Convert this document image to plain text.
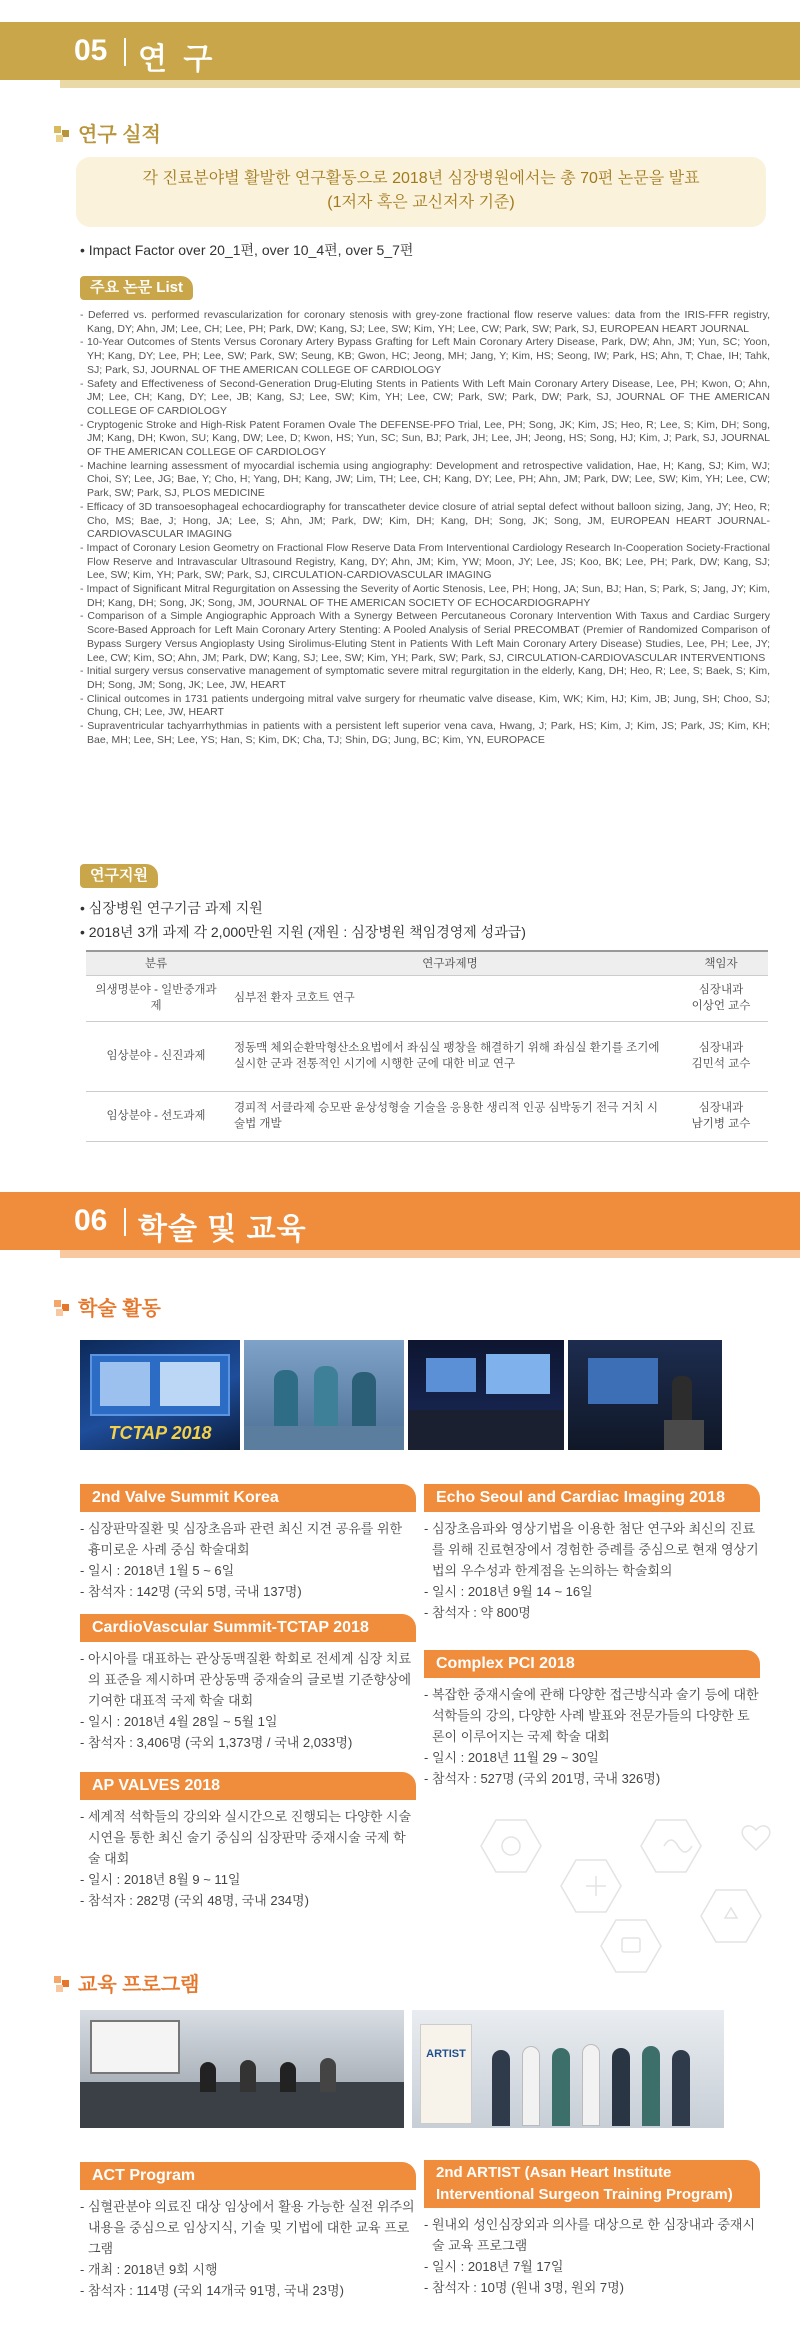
05 연 구
연구 실적
각 진료분야별 활발한 연구활동으로 2018년 심장병원에서는 총 70편 논문을 발표
(1저자 혹은 교신저자 기준)
• Impact Factor over 20_1편, over 10_4편, over 5_7편
주요 논문 List

- Deferred vs. performed revascularization for coronary stenosis with grey-zone fractional flow reserve values: data from the IRIS-FFR registry, Kang, DY; Ahn, JM; Lee, CH; Lee, PH; Park, DW; Kang, SJ; Lee, SW; Kim, YH; Lee, CW; Park, SW; Park, SJ, EUROPEAN HEART JOURNAL

- 10-Year Outcomes of Stents Versus Coronary Artery Bypass Grafting for Left Main Coronary Artery Disease, Park, DW; Ahn, JM; Yun, SC; Yoon, YH; Kang, DY; Lee, PH; Lee, SW; Park, SW; Seung, KB; Gwon, HC; Jeong, MH; Jang, Y; Kim, HS; Seong, IW; Park, HS; Ahn, T; Chae, IH; Tahk, SJ; Park, SJ, JOURNAL OF THE AMERICAN COLLEGE OF CARDIOLOGY

- Safety and Effectiveness of Second-Generation Drug-Eluting Stents in Patients With Left Main Coronary Artery Disease, Lee, PH; Kwon, O; Ahn, JM; Lee, CH; Kang, DY; Lee, JB; Kang, SJ; Lee, SW; Kim, YH; Lee, CW; Park, SW; Park, DW; Park, SJ, JOURNAL OF THE AMERICAN COLLEGE OF CARDIOLOGY

- Cryptogenic Stroke and High-Risk Patent Foramen Ovale The DEFENSE-PFO Trial, Lee, PH; Song, JK; Kim, JS; Heo, R; Lee, S; Kim, DH; Song, JM; Kang, DH; Kwon, SU; Kang, DW; Lee, D; Kwon, HS; Yun, SC; Sun, BJ; Park, JH; Lee, JH; Jeong, HS; Song, HJ; Kim, J; Park, SJ, JOURNAL OF THE AMERICAN COLLEGE OF CARDIOLOGY

- Machine learning assessment of myocardial ischemia using angiography: Development and retrospective validation, Hae, H; Kang, SJ; Kim, WJ; Choi, SY; Lee, JG; Bae, Y; Cho, H; Yang, DH; Kang, JW; Lim, TH; Lee, CH; Kang, DY; Lee, PH; Ahn, JM; Park, DW; Lee, SW; Kim, YH; Lee, CW; Park, SW; Park, SJ, PLOS MEDICINE

- Efficacy of 3D transoesophageal echocardiography for transcatheter device closure of atrial septal defect without balloon sizing, Jang, JY; Heo, R; Cho, MS; Bae, J; Hong, JA; Lee, S; Ahn, JM; Park, DW; Kim, DH; Kang, DH; Song, JK; Song, JM, EUROPEAN HEART JOURNAL-CARDIOVASCULAR IMAGING

- Impact of Coronary Lesion Geometry on Fractional Flow Reserve Data From Interventional Cardiology Research In-Cooperation Society-Fractional Flow Reserve and Intravascular Ultrasound Registry, Kang, DY; Ahn, JM; Kim, YW; Moon, JY; Lee, JS; Koo, BK; Lee, PH; Park, DW; Kang, SJ; Lee, SW; Kim, YH; Park, SW; Park, SJ, CIRCULATION-CARDIOVASCULAR IMAGING

- Impact of Significant Mitral Regurgitation on Assessing the Severity of Aortic Stenosis, Lee, PH; Hong, JA; Sun, BJ; Han, S; Park, S; Jang, JY; Kim, DH; Kang, DH; Song, JK; Song, JM, JOURNAL OF THE AMERICAN SOCIETY OF ECHOCARDIOGRAPHY

- Comparison of a Simple Angiographic Approach With a Synergy Between Percutaneous Coronary Intervention With Taxus and Cardiac Surgery Score-Based Approach for Left Main Coronary Artery Stenting: A Pooled Analysis of Serial PRECOMBAT (Premier of Randomized Comparison of Bypass Surgery Versus Angioplasty Using Sirolimus-Eluting Stent in Patients With Left Main Coronary Artery Disease) Studies, Lee, PH; Lee, JY; Lee, CW; Kim, SO; Ahn, JM; Park, DW; Kang, SJ; Lee, SW; Kim, YH; Park, SW; Park, SJ, CIRCULATION-CARDIOVASCULAR INTERVENTIONS

- Initial surgery versus conservative management of symptomatic severe mitral regurgitation in the elderly, Kang, DH; Heo, R; Lee, S; Baek, S; Kim, DH; Song, JM; Song, JK; Lee, JW, HEART

- Clinical outcomes in 1731 patients undergoing mitral valve surgery for rheumatic valve disease, Kim, WK; Kim, HJ; Kim, JB; Jung, SH; Choo, SJ; Chung, CH; Lee, JW, HEART

- Supraventricular tachyarrhythmias in patients with a persistent left superior vena cava, Hwang, J; Park, HS; Kim, J; Kim, JS; Park, JS; Kim, KH; Bae, MH; Lee, SH; Lee, YS; Han, S; Kim, DK; Cha, TJ; Shin, DG; Jung, BC; Kim, YN, EUROPACE

연구지원
• 심장병원 연구기금 과제 지원
• 2018년 3개 과제 각 2,000만원 지원 (재원 : 심장병원 책임경영제 성과급)
분류	연구과제명	책임자
의생명분야 - 일반중개과제	심부전 환자 코호트 연구	심장내과
이상언 교수
임상분야 - 신진과제	정동맥 체외순환막형산소요법에서 좌심실 팽창을 해결하기 위해 좌심실 환기를 조기에 실시한 군과 전통적인 시기에 시행한 군에 대한 비교 연구	심장내과
김민석 교수
임상분야 - 선도과제	경피적 서클라제 승모판 윤상성형술 기술을 응용한 생리적 인공 심박동기 전극 거치 시술법 개발	심장내과
남기병 교수
06 학술 및 교육
학술 활동
TCTAP 2018
2nd Valve Summit Korea

- 심장판막질환 및 심장초음파 관련 최신 지견 공유를 위한 흉미로운 사례 중심 학술대회

- 일시 : 2018년 1월 5 ~ 6일

- 참석자 : 142명 (국외 5명, 국내 137명)

CardioVascular Summit-TCTAP 2018

- 아시아를 대표하는 관상동맥질환 학회로 전세계 심장 치료의 표준을 제시하며 관상동맥 중재술의 글로벌 기준향상에 기여한 대표적 국제 학술 대회

- 일시 : 2018년 4월 28일 ~ 5월 1일

- 참석자 : 3,406명 (국외 1,373명 / 국내 2,033명)

AP VALVES 2018

- 세계적 석학들의 강의와 실시간으로 진행되는 다양한 시술 시연을 통한 최신 술기 중심의 심장판막 중재시술 국제 학술 대회

- 일시 : 2018년 8월 9 ~ 11일

- 참석자 : 282명 (국외 48명, 국내 234명)

Echo Seoul and Cardiac Imaging 2018

- 심장초음파와 영상기법을 이용한 첨단 연구와 최신의 진료를 위해 진료현장에서 경험한 증례를 중심으로 현재 영상기법의 우수성과 한계점을 논의하는 학술회의

- 일시 : 2018년 9월 14 ~ 16일

- 참석자 : 약 800명

Complex PCI 2018

- 복잡한 중재시술에 관해 다양한 접근방식과 술기 등에 대한 석학들의 강의, 다양한 사례 발표와 전문가들의 다양한 토론이 이루어지는 국제 학술 대회

- 일시 : 2018년 11월 29 ~ 30일

- 참석자 : 527명 (국외 201명, 국내 326명)

교육 프로그램
ARTIST
ACT Program

- 심혈관분야 의료진 대상 임상에서 활용 가능한 실전 위주의 내용을 중심으로 임상지식, 기술 및 기법에 대한 교육 프로그램

- 개최 : 2018년 9회 시행

- 참석자 : 114명 (국외 14개국 91명, 국내 23명)

2nd ARTIST (Asan Heart Institute Interventional Surgeon Training Program)

- 원내외 성인심장외과 의사를 대상으로 한 심장내과 중재시술 교육 프로그램

- 일시 : 2018년 7월 17일

- 참석자 : 10명 (원내 3명, 원외 7명)
